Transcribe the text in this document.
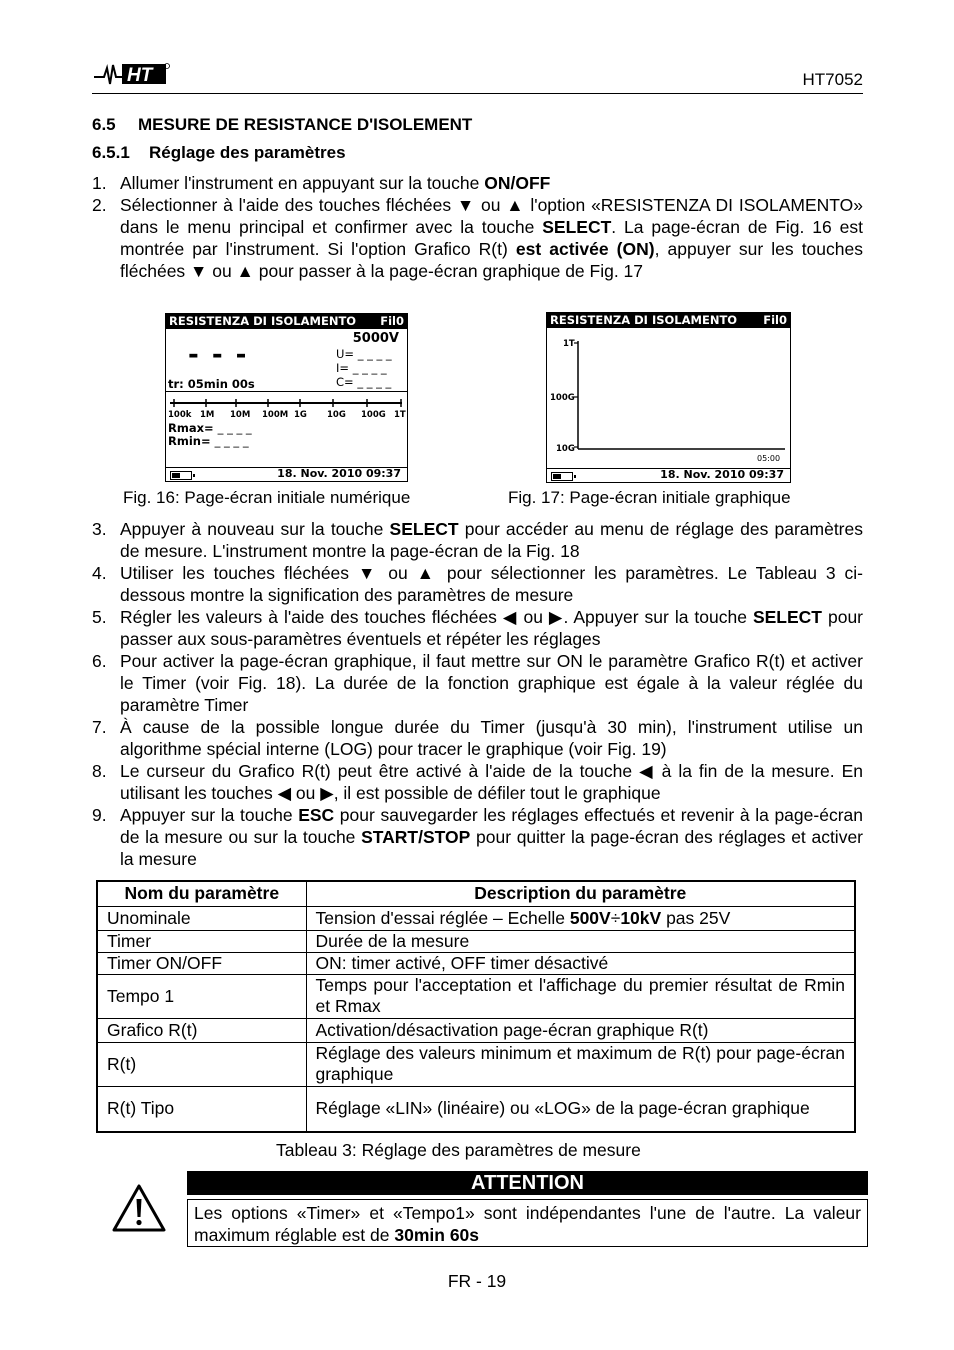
HT	HT7052
6.5 MESURE DE RESISTANCE D'ISOLEMENT
6.5.1 Réglage des paramètres
1. Allumer l'instrument en appuyant sur la touche ON/OFF
2. Sélectionner à l'aide des touches fléchées ▼ ou ▲ l'option «RESISTENZA DI ISOLAMENTO» dans le menu principal et confirmer avec la touche SELECT. La page-écran de Fig. 16 est montrée par l'instrument. Si l'option Grafico R(t) est activée (ON), appuyer sur les touches fléchées ▼ ou ▲ pour passer à la page-écran graphique de Fig. 17
RESISTENZA DI ISOLAMENTO Fil0
5000V
- - -	U= _ _ _ _
I= _ _ _ _
C= _ _ _ _
tr: 05min 00s
100k 1M 10M 100M 1G 10G 100G 1T
Rmax= _ _ _ _
Rmin= _ _ _ _
18. Nov. 2010 09:37
Fig. 16: Page-écran initiale numérique
RESISTENZA DI ISOLAMENTO Fil0
1T
100G
10G
05:00
18. Nov. 2010 09:37
Fig. 17: Page-écran initiale graphique
3. Appuyer à nouveau sur la touche SELECT pour accéder au menu de réglage des paramètres de mesure. L'instrument montre la page-écran de la Fig. 18
4. Utiliser les touches fléchées ▼ ou ▲ pour sélectionner les paramètres. Le Tableau 3 ci-dessous montre la signification des paramètres de mesure
5. Régler les valeurs à l'aide des touches fléchées ◀ ou ▶. Appuyer sur la touche SELECT pour passer aux sous-paramètres éventuels et répéter les réglages
6. Pour activer la page-écran graphique, il faut mettre sur ON le paramètre Grafico R(t) et activer le Timer (voir Fig. 18). La durée de la fonction graphique est égale à la valeur réglée du paramètre Timer
7. À cause de la possible longue durée du Timer (jusqu'à 30 min), l'instrument utilise un algorithme spécial interne (LOG) pour tracer le graphique (voir Fig. 19)
8. Le curseur du Grafico R(t) peut être activé à l'aide de la touche ◀ à la fin de la mesure. En utilisant les touches ◀ ou ▶, il est possible de défiler tout le graphique
9. Appuyer sur la touche ESC pour sauvegarder les réglages effectués et revenir à la page-écran de la mesure ou sur la touche START/STOP pour quitter la page-écran des réglages et activer la mesure
Nom du paramètre	Description du paramètre
Unominale	Tension d'essai réglée – Echelle 500V÷10kV pas 25V
Timer	Durée de la mesure
Timer ON/OFF	ON: timer activé, OFF timer désactivé
Tempo 1	Temps pour l'acceptation et l'affichage du premier résultat de Rmin et Rmax
Grafico R(t)	Activation/désactivation page-écran graphique R(t)
R(t)	Réglage des valeurs minimum et maximum de R(t) pour page-écran graphique
R(t) Tipo	Réglage «LIN» (linéaire) ou «LOG» de la page-écran graphique
Tableau 3: Réglage des paramètres de mesure
ATTENTION
Les options «Timer» et «Tempo1» sont indépendantes l'une de l'autre. La valeur maximum réglable est de 30min 60s
FR - 19
